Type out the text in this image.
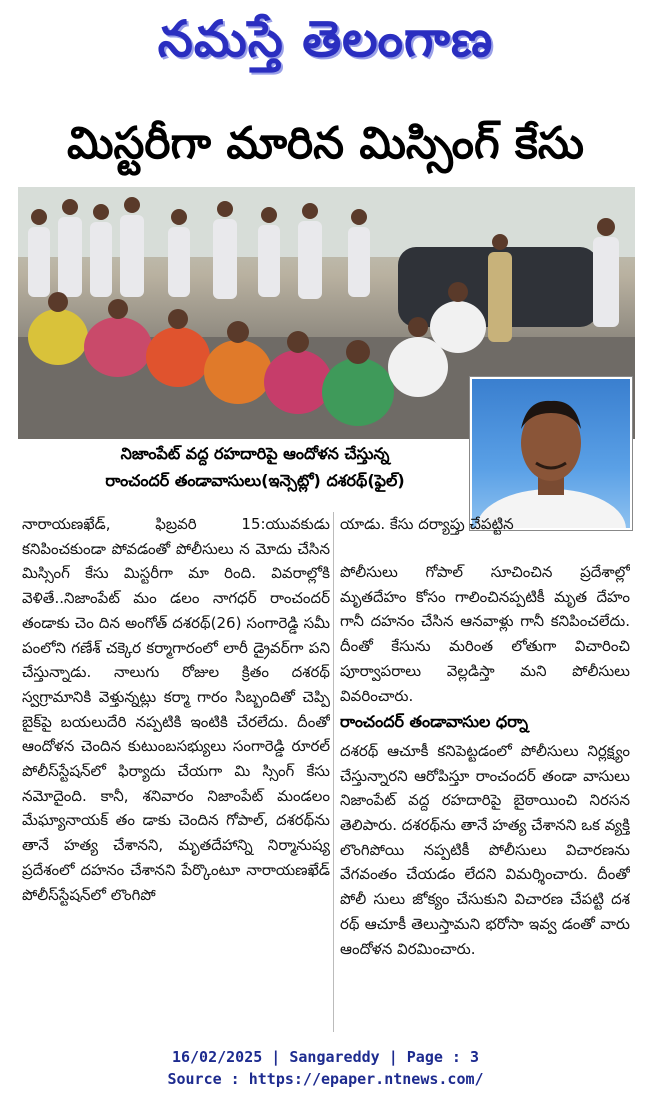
నమస్తే తెలంగాణ
మిస్టరీగా మారిన మిస్సింగ్ కేసు
నిజాంపేట్ వద్ద రహదారిపై ఆందోళన చేస్తున్న
రాంచందర్ తండావాసులు(ఇన్సెట్లో) దశరథ్(ఫైల్)
నారాయణఖేడ్, ఫిబ్రవరి 15:యువకుడు కనిపించకుండా పోవడంతో పోలీసులు న మోదు చేసిన మిస్సింగ్ కేసు మిస్టరీగా మా రింది. వివరాల్లోకి వెళితే..నిజాంపేట్ మం డలం నాగధర్ రాంచందర్ తండాకు చెం దిన అంగోత్ దశరథ్(26) సంగారెడ్డి సమీ పంలోని గణేశ్ చక్కెర కర్మాగారంలో లారీ డ్రైవర్‌గా పని చేస్తున్నాడు. నాలుగు రోజుల క్రితం దశరథ్ స్వగ్రామానికి వెళ్తున్నట్లు కర్మా గారం సిబ్బందితో చెప్పి బైక్‌పై బయలుదేరి నప్పటికి ఇంటికి చేరలేదు. దీంతో ఆందోళన చెందిన కుటుంబసభ్యులు సంగారెడ్డి రూరల్ పోలీస్‌స్టేషన్‌లో ఫిర్యాదు చేయగా మి స్సింగ్ కేసు నమోదైంది. కానీ, శనివారం నిజాంపేట్ మండలం మేఘ్యానాయక్ తం డాకు చెందిన గోపాల్, దశరథ్‌ను తానే హత్య చేశానని, మృతదేహాన్ని నిర్మానుష్య ప్రదేశంలో దహనం చేశానని పేర్కొంటూ నారాయణఖేడ్ పోలీస్‌స్టేషన్‌లో లొంగిపో
యాడు. కేసు దర్యాప్తు చేపట్టిన
పోలీసులు గోపాల్ సూచించిన ప్రదేశాల్లో మృతదేహం కోసం గాలించినప్పటికీ మృత దేహం గానీ దహనం చేసిన ఆనవాళ్లు గానీ కనిపించలేదు. దీంతో కేసును మరింత లోతుగా విచారించి పూర్వాపరాలు వెల్లడిస్తా మని పోలీసులు వివరించారు.
రాంచందర్ తండావాసుల ధర్నా
దశరథ్ ఆచూకీ కనిపెట్టడంలో పోలీసులు నిర్లక్ష్యం చేస్తున్నారని ఆరోపిస్తూ రాంచందర్ తండా వాసులు నిజాంపేట్ వద్ద రహదారిపై బైఠాయించి నిరసన తెలిపారు. దశరథ్‌ను తానే హత్య చేశానని ఒక వ్యక్తి లొంగిపోయి నప్పటికీ పోలీసులు విచారణను వేగవంతం చేయడం లేదని విమర్శించారు. దీంతో పోలీ సులు జోక్యం చేసుకుని విచారణ చేపట్టి దశ రథ్ ఆచూకీ తెలుస్తామని భరోసా ఇవ్వ డంతో వారు ఆందోళన విరమించారు.
16/02/2025 | Sangareddy | Page : 3
Source : https://epaper.ntnews.com/
